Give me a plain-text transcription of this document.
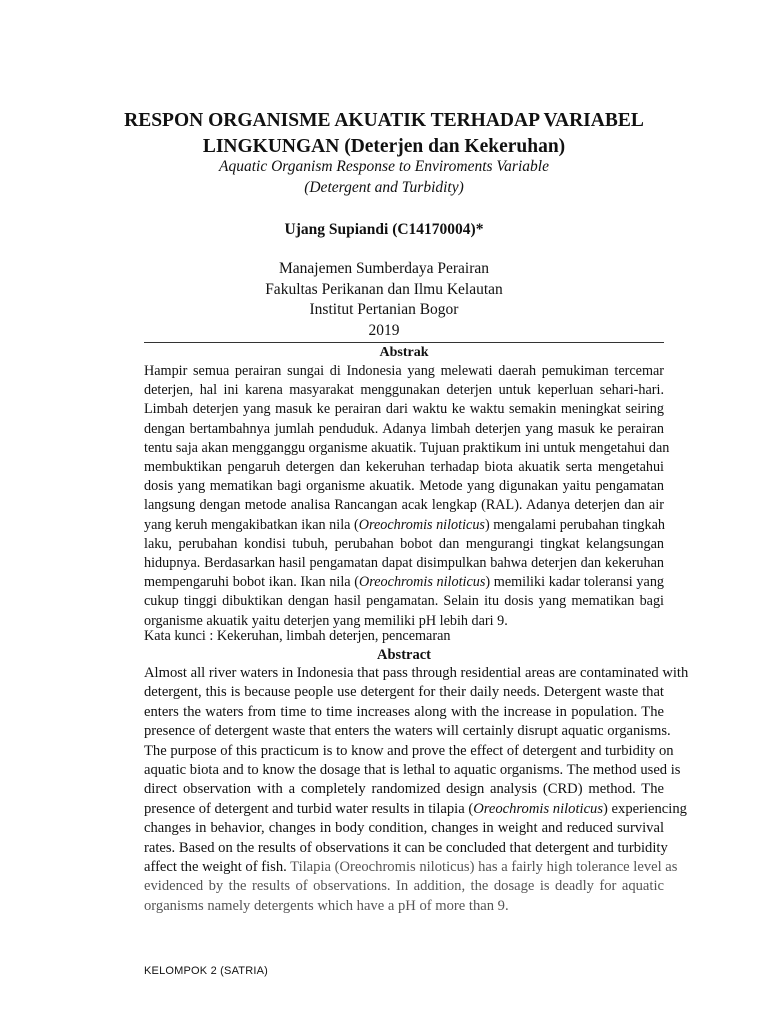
RESPON ORGANISME AKUATIK TERHADAP VARIABEL
LINGKUNGAN (Deterjen dan Kekeruhan)

Aquatic Organism Response to Enviroments Variable
(Detergent and Turbidity)

Ujang Supiandi (C14170004)*

Manajemen Sumberdaya Perairan
Fakultas Perikanan dan Ilmu Kelautan
Institut Pertanian Bogor
2019
Abstrak
Hampir semua perairan sungai di Indonesia yang melewati daerah pemukiman tercemar
deterjen, hal ini karena masyarakat menggunakan deterjen untuk keperluan sehari-hari.
Limbah deterjen yang masuk ke perairan dari waktu ke waktu semakin meningkat seiring
dengan bertambahnya jumlah penduduk. Adanya limbah deterjen yang masuk ke perairan
tentu saja akan mengganggu organisme akuatik. Tujuan praktikum ini untuk mengetahui dan
membuktikan pengaruh detergen dan kekeruhan terhadap biota akuatik serta mengetahui
dosis yang mematikan bagi organisme akuatik. Metode yang digunakan yaitu pengamatan
langsung dengan metode analisa Rancangan acak lengkap (RAL). Adanya deterjen dan air
yang keruh mengakibatkan ikan nila (Oreochromis niloticus) mengalami perubahan tingkah
laku, perubahan kondisi tubuh, perubahan bobot dan mengurangi tingkat kelangsungan
hidupnya. Berdasarkan hasil pengamatan dapat disimpulkan bahwa deterjen dan kekeruhan
mempengaruhi bobot ikan. Ikan nila (Oreochromis niloticus) memiliki kadar toleransi yang
cukup tinggi dibuktikan dengan hasil pengamatan. Selain itu dosis yang mematikan bagi
organisme akuatik yaitu deterjen yang memiliki pH lebih dari 9.

Kata kunci : Kekeruhan, limbah deterjen, pencemaran

Abstract
Almost all river waters in Indonesia that pass through residential areas are contaminated with
detergent, this is because people use detergent for their daily needs. Detergent waste that
enters the waters from time to time increases along with the increase in population. The
presence of detergent waste that enters the waters will certainly disrupt aquatic organisms.
The purpose of this practicum is to know and prove the effect of detergent and turbidity on
aquatic biota and to know the dosage that is lethal to aquatic organisms. The method used is
direct observation with a completely randomized design analysis (CRD) method. The
presence of detergent and turbid water results in tilapia (Oreochromis niloticus) experiencing
changes in behavior, changes in body condition, changes in weight and reduced survival
rates. Based on the results of observations it can be concluded that detergent and turbidity
affect the weight of fish. Tilapia (Oreochromis niloticus) has a fairly high tolerance level as
evidenced by the results of observations. In addition, the dosage is deadly for aquatic
organisms namely detergents which have a pH of more than 9.

KELOMPOK 2 (SATRIA)
